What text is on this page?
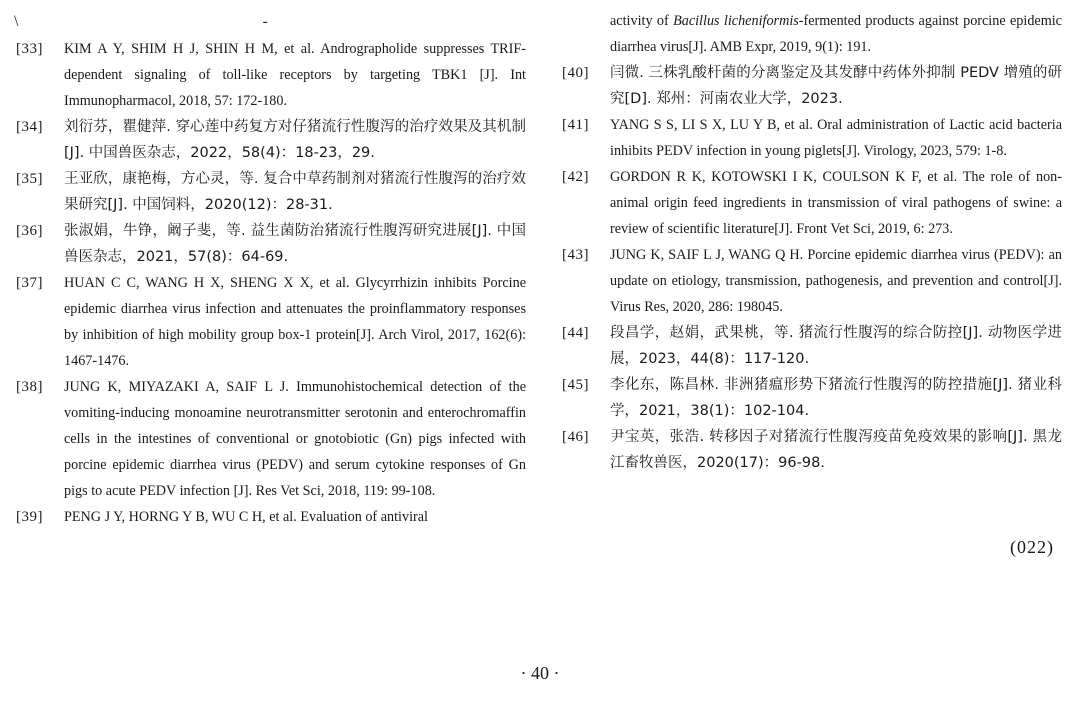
\ -
[33]	KIM A Y, SHIM H J, SHIN H M, et al. Andrographolide suppresses TRIF-dependent signaling of toll-like receptors by targeting TBK1 [J]. Int Immunopharmacol, 2018, 57: 172-180.
[34]	刘衍芬，瞿健萍. 穿心莲中药复方对仔猪流行性腹泻的治疗效果及其机制[J]. 中国兽医杂志，2022，58(4)：18-23，29.
[35]	王亚欣，康艳梅，方心灵，等. 复合中草药制剂对猪流行性腹泻的治疗效果研究[J]. 中国饲料，2020(12)：28-31.
[36]	张淑娟，牛铮，阚子斐，等. 益生菌防治猪流行性腹泻研究进展[J]. 中国兽医杂志，2021，57(8)：64-69.
[37]	HUAN C C, WANG H X, SHENG X X, et al. Glycyrrhizin inhibits Porcine epidemic diarrhea virus infection and attenuates the proinflammatory responses by inhibition of high mobility group box-1 protein[J]. Arch Virol, 2017, 162(6): 1467-1476.
[38]	JUNG K, MIYAZAKI A, SAIF L J. Immunohistochemical detection of the vomiting-inducing monoamine neurotransmitter serotonin and enterochromaffin cells in the intestines of conventional or gnotobiotic (Gn) pigs infected with porcine epidemic diarrhea virus (PEDV) and serum cytokine responses of Gn pigs to acute PEDV infection [J]. Res Vet Sci, 2018, 119: 99-108.
[39]	PENG J Y, HORNG Y B, WU C H, et al. Evaluation of antiviral
activity of Bacillus licheniformis-fermented products against porcine epidemic diarrhea virus[J]. AMB Expr, 2019, 9(1): 191.
[40]	闫微. 三株乳酸杆菌的分离鉴定及其发酵中药体外抑制 PEDV 增殖的研究[D]. 郑州：河南农业大学，2023.
[41]	YANG S S, LI S X, LU Y B, et al. Oral administration of Lactic acid bacteria inhibits PEDV infection in young piglets[J]. Virology, 2023, 579: 1-8.
[42]	GORDON R K, KOTOWSKI I K, COULSON K F, et al. The role of non-animal origin feed ingredients in transmission of viral pathogens of swine: a review of scientific literature[J]. Front Vet Sci, 2019, 6: 273.
[43]	JUNG K, SAIF L J, WANG Q H. Porcine epidemic diarrhea virus (PEDV): an update on etiology, transmission, pathogenesis, and prevention and control[J]. Virus Res, 2020, 286: 198045.
[44]	段昌学，赵娟，武果桃，等. 猪流行性腹泻的综合防控[J]. 动物医学进展，2023，44(8)：117-120.
[45]	李化东，陈昌林. 非洲猪瘟形势下猪流行性腹泻的防控措施[J]. 猪业科学，2021，38(1)：102-104.
[46]	尹宝英，张浩. 转移因子对猪流行性腹泻疫苗免疫效果的影响[J]. 黑龙江畜牧兽医，2020(17)：96-98.
(022)
· 40 ·
